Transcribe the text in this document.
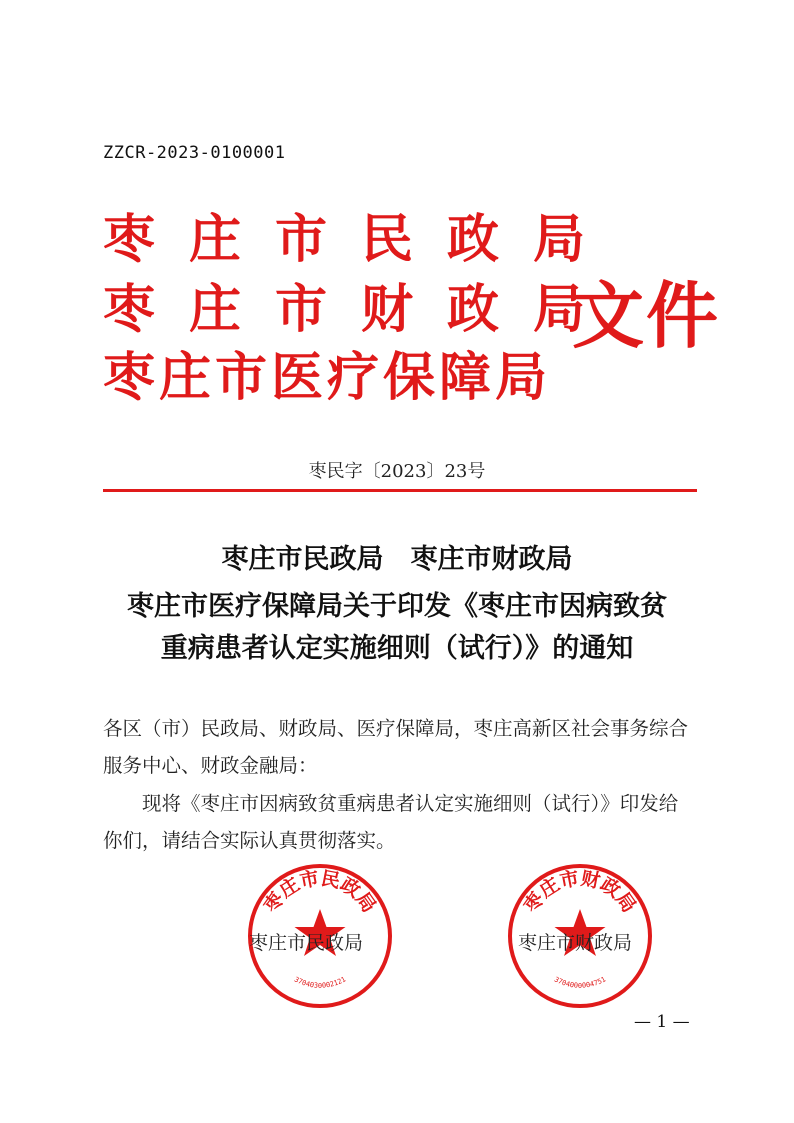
ZZCR-2023-0100001
枣庄市民政局
枣庄市财政局
枣庄市医疗保障局
文件
枣民字〔2023〕23号
枣庄市民政局　枣庄市财政局
枣庄市医疗保障局关于印发《枣庄市因病致贫
重病患者认定实施细则（试行）》的通知
各区（市）民政局、财政局、医疗保障局，枣庄高新区社会事务综合服务中心、财政金融局：
现将《枣庄市因病致贫重病患者认定实施细则（试行）》印发给你们，请结合实际认真贯彻落实。
枣庄市民政局
3704030002121
枣庄市财政局
3704000004751
枣庄市民政局	枣庄市财政局
— 1 —
